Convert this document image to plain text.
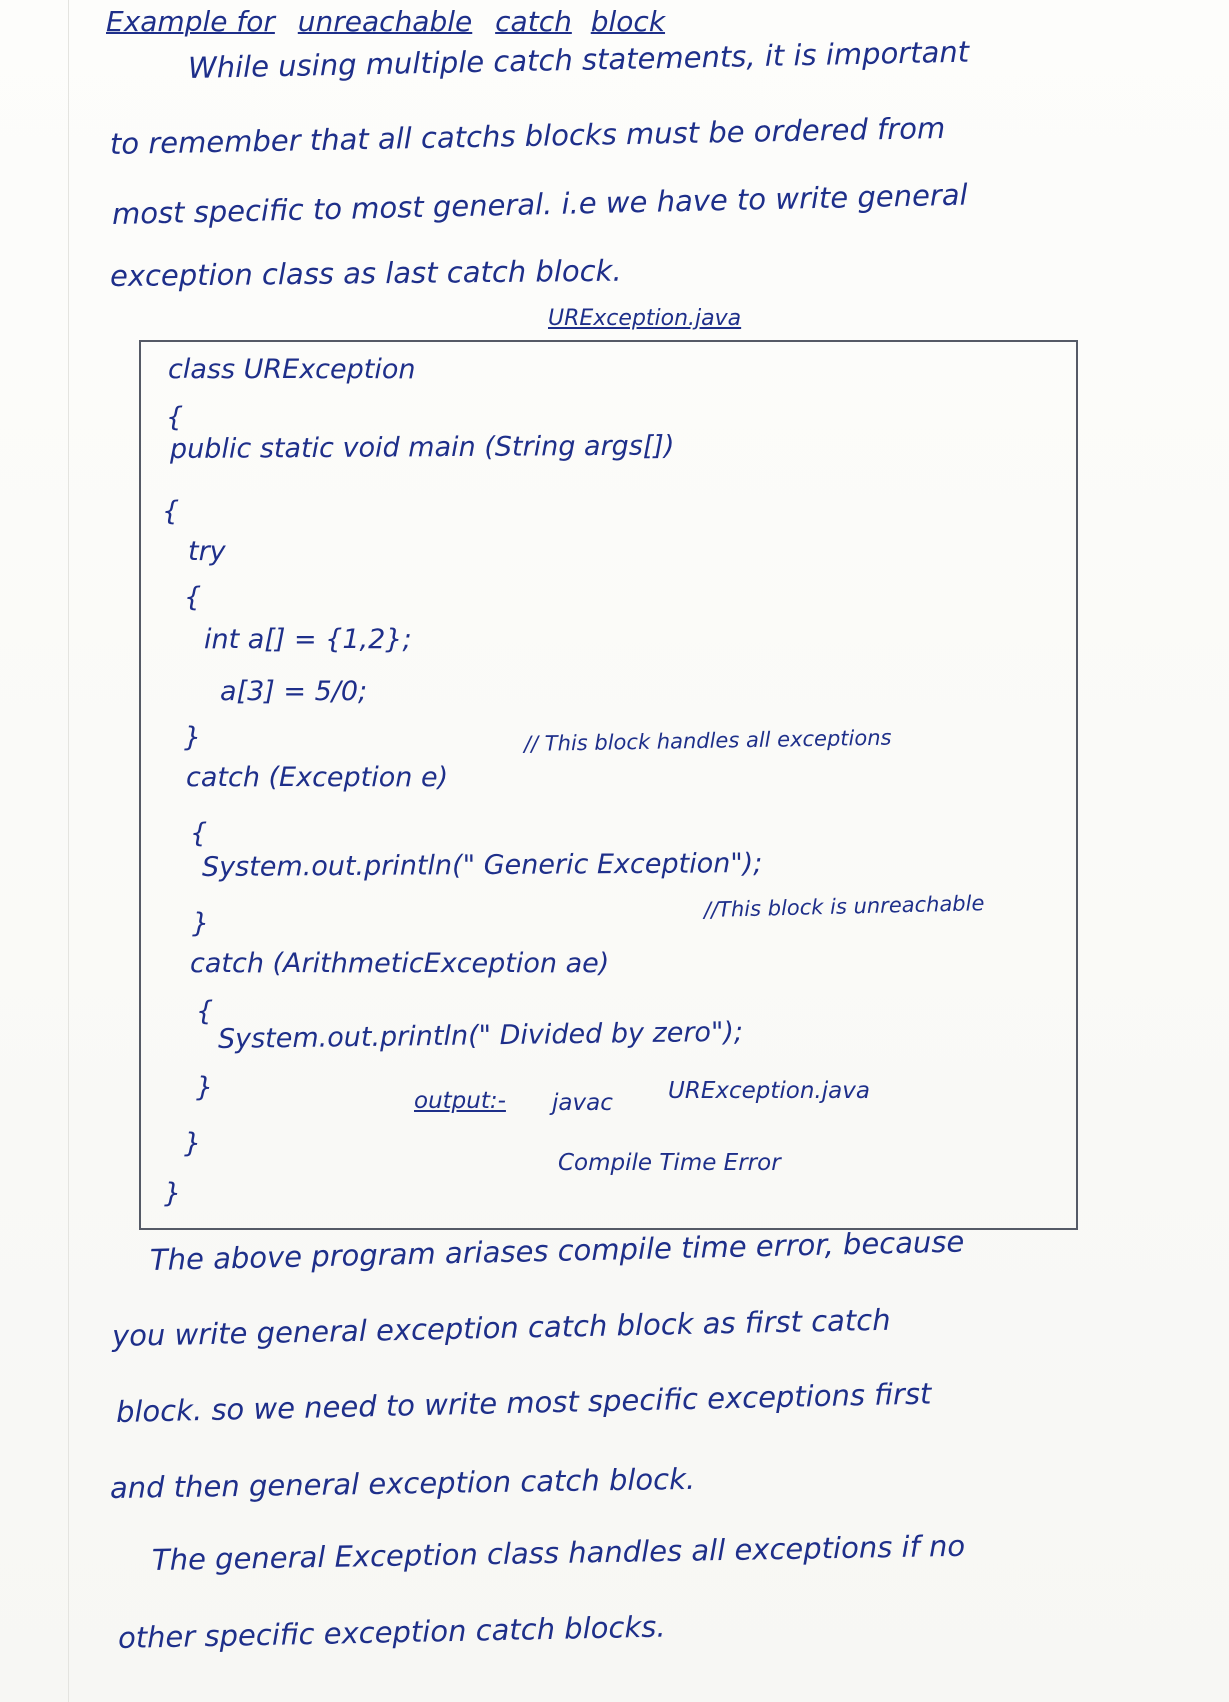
Example for unreachable catch block
While using multiple catch statements, it is important
to remember that all catchs blocks must be ordered from
most specific to most general. i.e we have to write general
exception class as last catch block.
URException.java
class URException
{
public static void main (String args[])
{
try
{
int a[] = {1,2};
a[3] = 5/0;
}
catch (Exception e)
// This block handles all exceptions
{
System.out.println(" Generic Exception");
}
catch (ArithmeticException ae)
//This block is unreachable
{
System.out.println(" Divided by zero");
}
}
}
output:- javac URException.java
Compile Time Error
The above program ariases compile time error, because
you write general exception catch block as first catch
block. so we need to write most specific exceptions first
and then general exception catch block.
The general Exception class handles all exceptions if no
other specific exception catch blocks.
